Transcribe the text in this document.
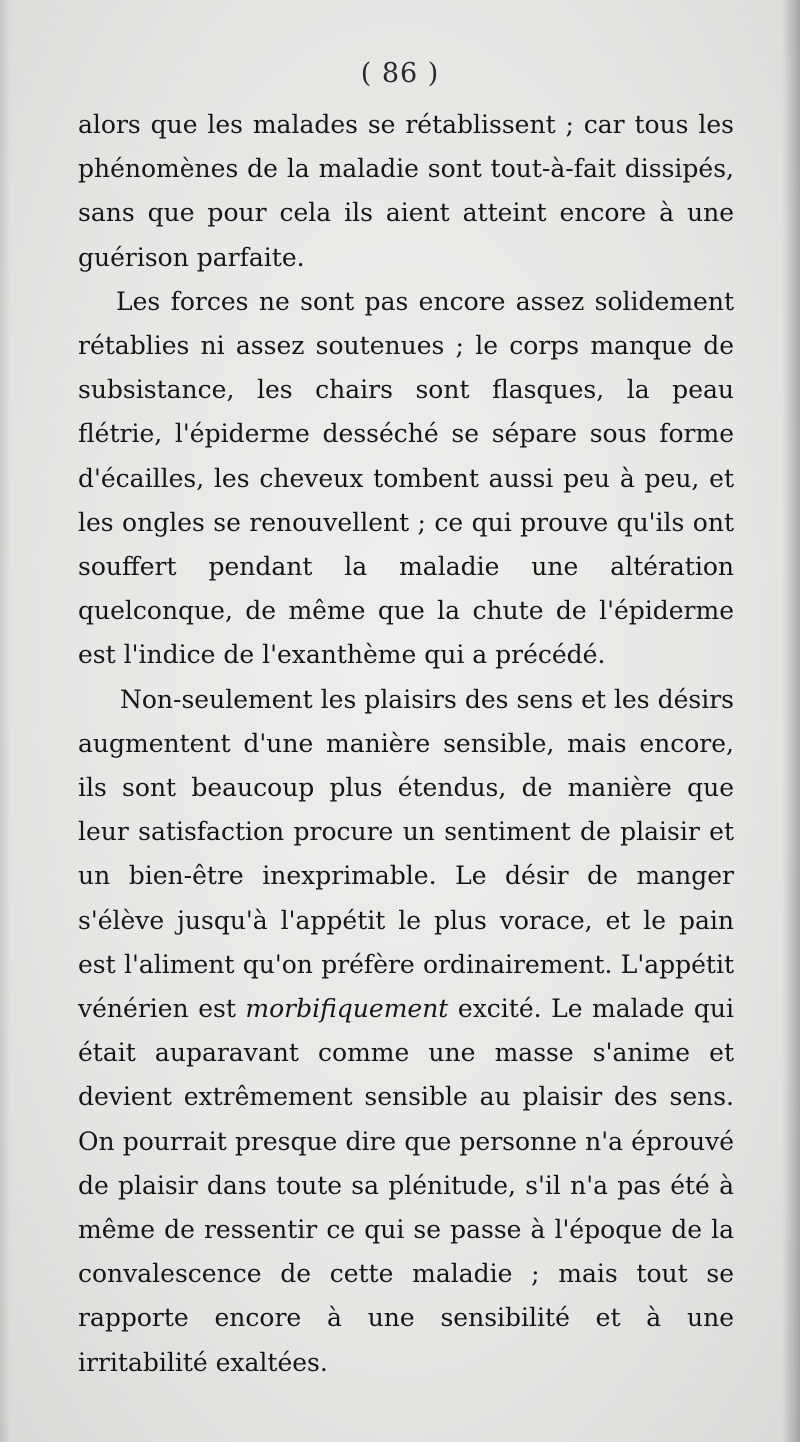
( 86 )

alors que les malades se rétablissent ; car tous les phénomènes de la maladie sont tout-à-fait dissipés, sans que pour cela ils aient atteint encore à une guérison parfaite.

Les forces ne sont pas encore assez solidement rétablies ni assez soutenues ; le corps manque de subsistance, les chairs sont flasques, la peau flétrie, l'épiderme desséché se sépare sous forme d'écailles, les cheveux tombent aussi peu à peu, et les ongles se renouvellent ; ce qui prouve qu'ils ont souffert pendant la maladie une altération quelconque, de même que la chute de l'épiderme est l'indice de l'exanthème qui a précédé.

Non-seulement les plaisirs des sens et les désirs augmentent d'une manière sensible, mais encore, ils sont beaucoup plus étendus, de manière que leur satisfaction procure un sentiment de plaisir et un bien-être inexprimable. Le désir de manger s'élève jusqu'à l'appétit le plus vorace, et le pain est l'aliment qu'on préfère ordinairement. L'appétit vénérien est morbifiquement excité. Le malade qui était auparavant comme une masse s'anime et devient extrêmement sensible au plaisir des sens. On pourrait presque dire que personne n'a éprouvé de plaisir dans toute sa plénitude, s'il n'a pas été à même de ressentir ce qui se passe à l'époque de la convalescence de cette maladie ; mais tout se rapporte encore à une sensibilité et à une irritabilité exaltées.
